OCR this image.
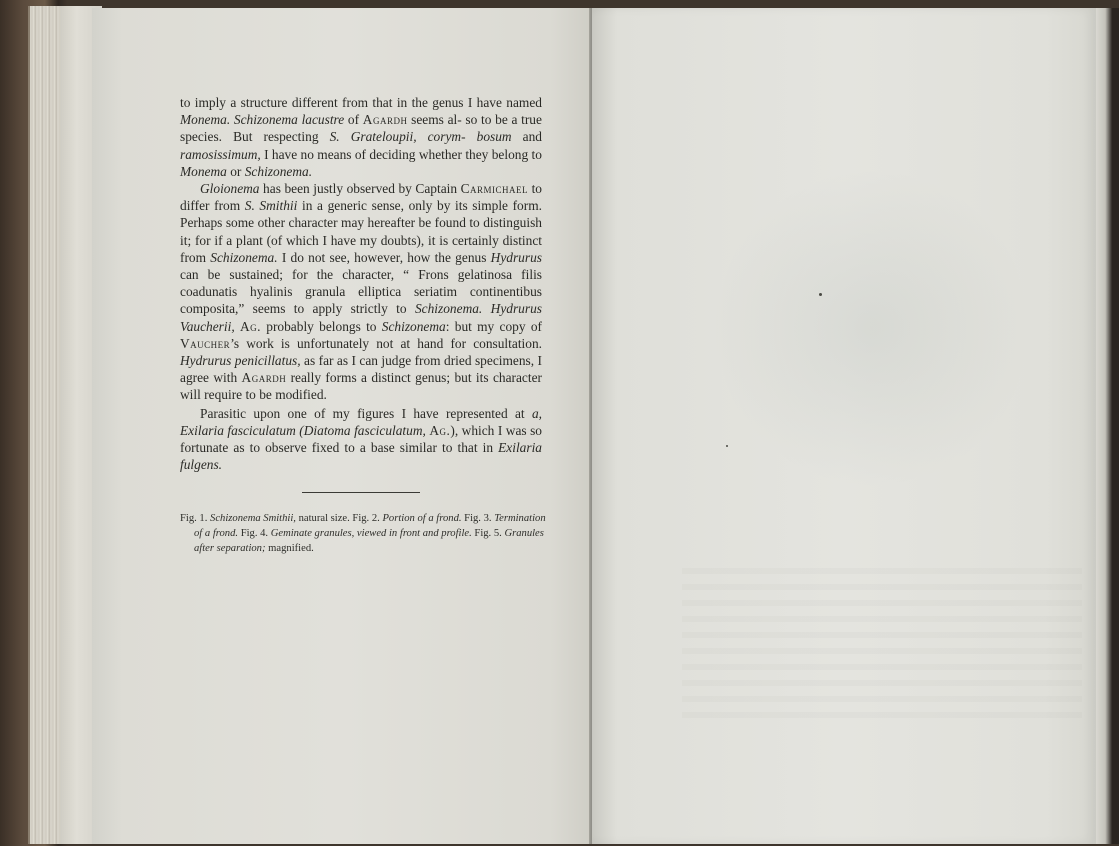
to imply a structure different from that in the genus I have named Monema. Schizonema lacustre of Agardh seems al- so to be a true species. But respecting S. Grateloupii, corym- bosum and ramosissimum, I have no means of deciding whether they belong to Monema or Schizonema.

Gloionema has been justly observed by Captain Carmichael to differ from S. Smithii in a generic sense, only by its simple form. Perhaps some other character may hereafter be found to distinguish it; for if a plant (of which I have my doubts), it is certainly distinct from Schizonema. I do not see, however, how the genus Hydrurus can be sustained; for the character, “ Frons gelatinosa filis coadunatis hyalinis granula elliptica seriatim continentibus composita,” seems to apply strictly to Schizonema. Hydrurus Vaucherii, Ag. probably belongs to Schizonema: but my copy of Vaucher’s work is unfortunately not at hand for consultation. Hydrurus penicillatus, as far as I can judge from dried specimens, I agree with Agardh really forms a distinct genus; but its character will require to be modified.

Parasitic upon one of my figures I have represented at a, Exilaria fasciculatum (Diatoma fasciculatum, Ag.), which I was so fortunate as to observe fixed to a base similar to that in Exilaria fulgens.

Fig. 1. Schizonema Smithii, natural size. Fig. 2. Portion of a frond. Fig. 3. Termination of a frond. Fig. 4. Geminate granules, viewed in front and profile. Fig. 5. Granules after separation; magnified.
